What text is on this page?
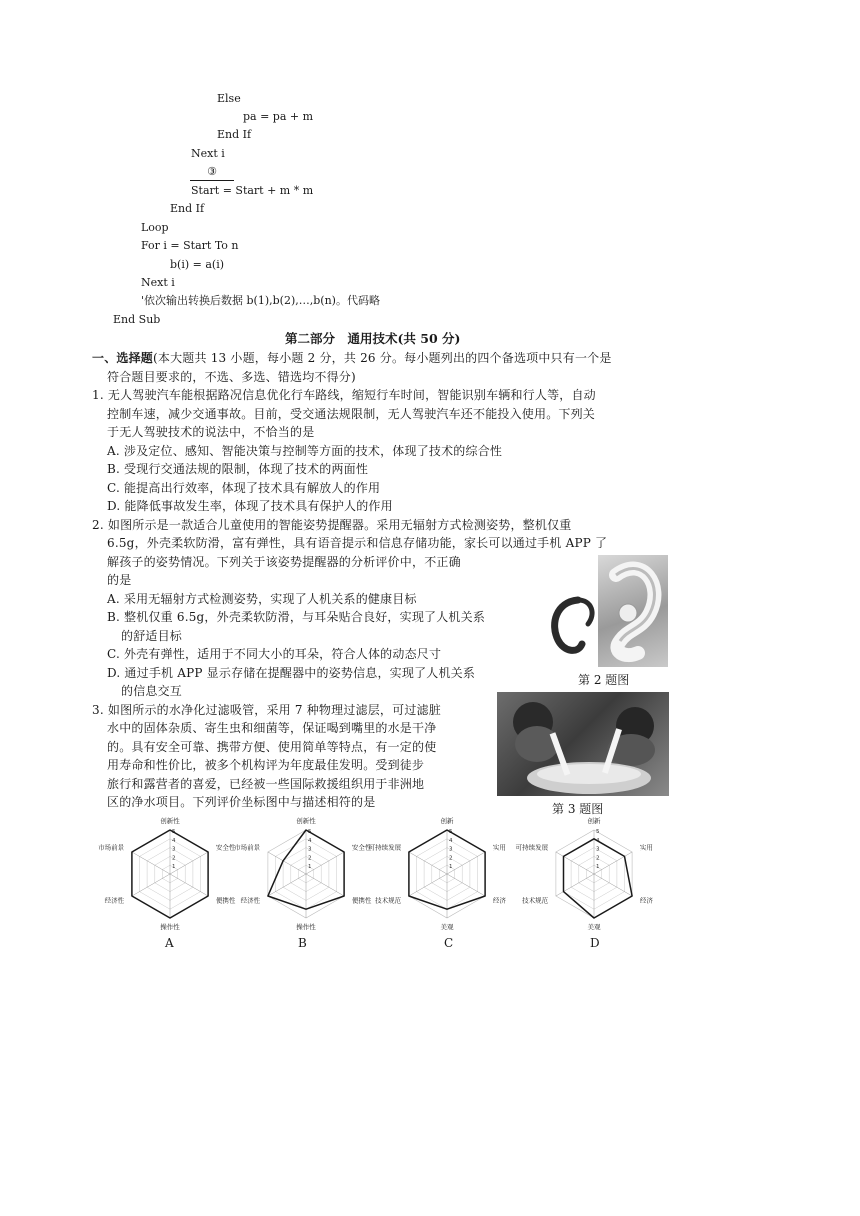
Else
pa = pa + m
End If
Next i
③
Start = Start + m * m
End If
Loop
For i = Start To n
b(i) = a(i)
Next i
'依次输出转换后数据 b(1),b(2),…,b(n)。代码略
End Sub
第二部分　通用技术(共 50 分)
一、选择题(本大题共 13 小题，每小题 2 分，共 26 分。每小题列出的四个备选项中只有一个是
符合题目要求的，不选、多选、错选均不得分)
1. 无人驾驶汽车能根据路况信息优化行车路线，缩短行车时间，智能识别车辆和行人等，自动
控制车速，减少交通事故。目前，受交通法规限制，无人驾驶汽车还不能投入使用。下列关
于无人驾驶技术的说法中，不恰当的是
A. 涉及定位、感知、智能决策与控制等方面的技术，体现了技术的综合性
B. 受现行交通法规的限制，体现了技术的两面性
C. 能提高出行效率，体现了技术具有解放人的作用
D. 能降低事故发生率，体现了技术具有保护人的作用
2. 如图所示是一款适合儿童使用的智能姿势提醒器。采用无辐射方式检测姿势，整机仅重
6.5g，外壳柔软防滑，富有弹性，具有语音提示和信息存储功能，家长可以通过手机 APP 了
解孩子的姿势情况。下列关于该姿势提醒器的分析评价中，不正确
的是
A. 采用无辐射方式检测姿势，实现了人机关系的健康目标
B. 整机仅重 6.5g，外壳柔软防滑，与耳朵贴合良好，实现了人机关系
的舒适目标
C. 外壳有弹性，适用于不同大小的耳朵，符合人体的动态尺寸
D. 通过手机 APP 显示存储在提醒器中的姿势信息，实现了人机关系
的信息交互
第 2 题图
3. 如图所示的水净化过滤吸管，采用 7 种物理过滤层，可过滤脏
水中的固体杂质、寄生虫和细菌等，保证喝到嘴里的水是干净
的。具有安全可靠、携带方便、使用简单等特点，有一定的使
用寿命和性价比，被多个机构评为年度最佳发明。受到徒步
旅行和露营者的喜爱，已经被一些国际救援组织用于非洲地
区的净水项目。下列评价坐标图中与描述相符的是	第 3 题图
1
2
3
4
5
创新性
安全性
便携性
操作性
经济性
市场前景
1
2
3
4
5
创新性
安全性
便携性
操作性
经济性
市场前景
1
2
3
4
5
创新
实用
经济
美观
技术规范
可持续发展
1
2
3
4
5
创新
实用
经济
美观
技术规范
可持续发展
A	B	C	D
